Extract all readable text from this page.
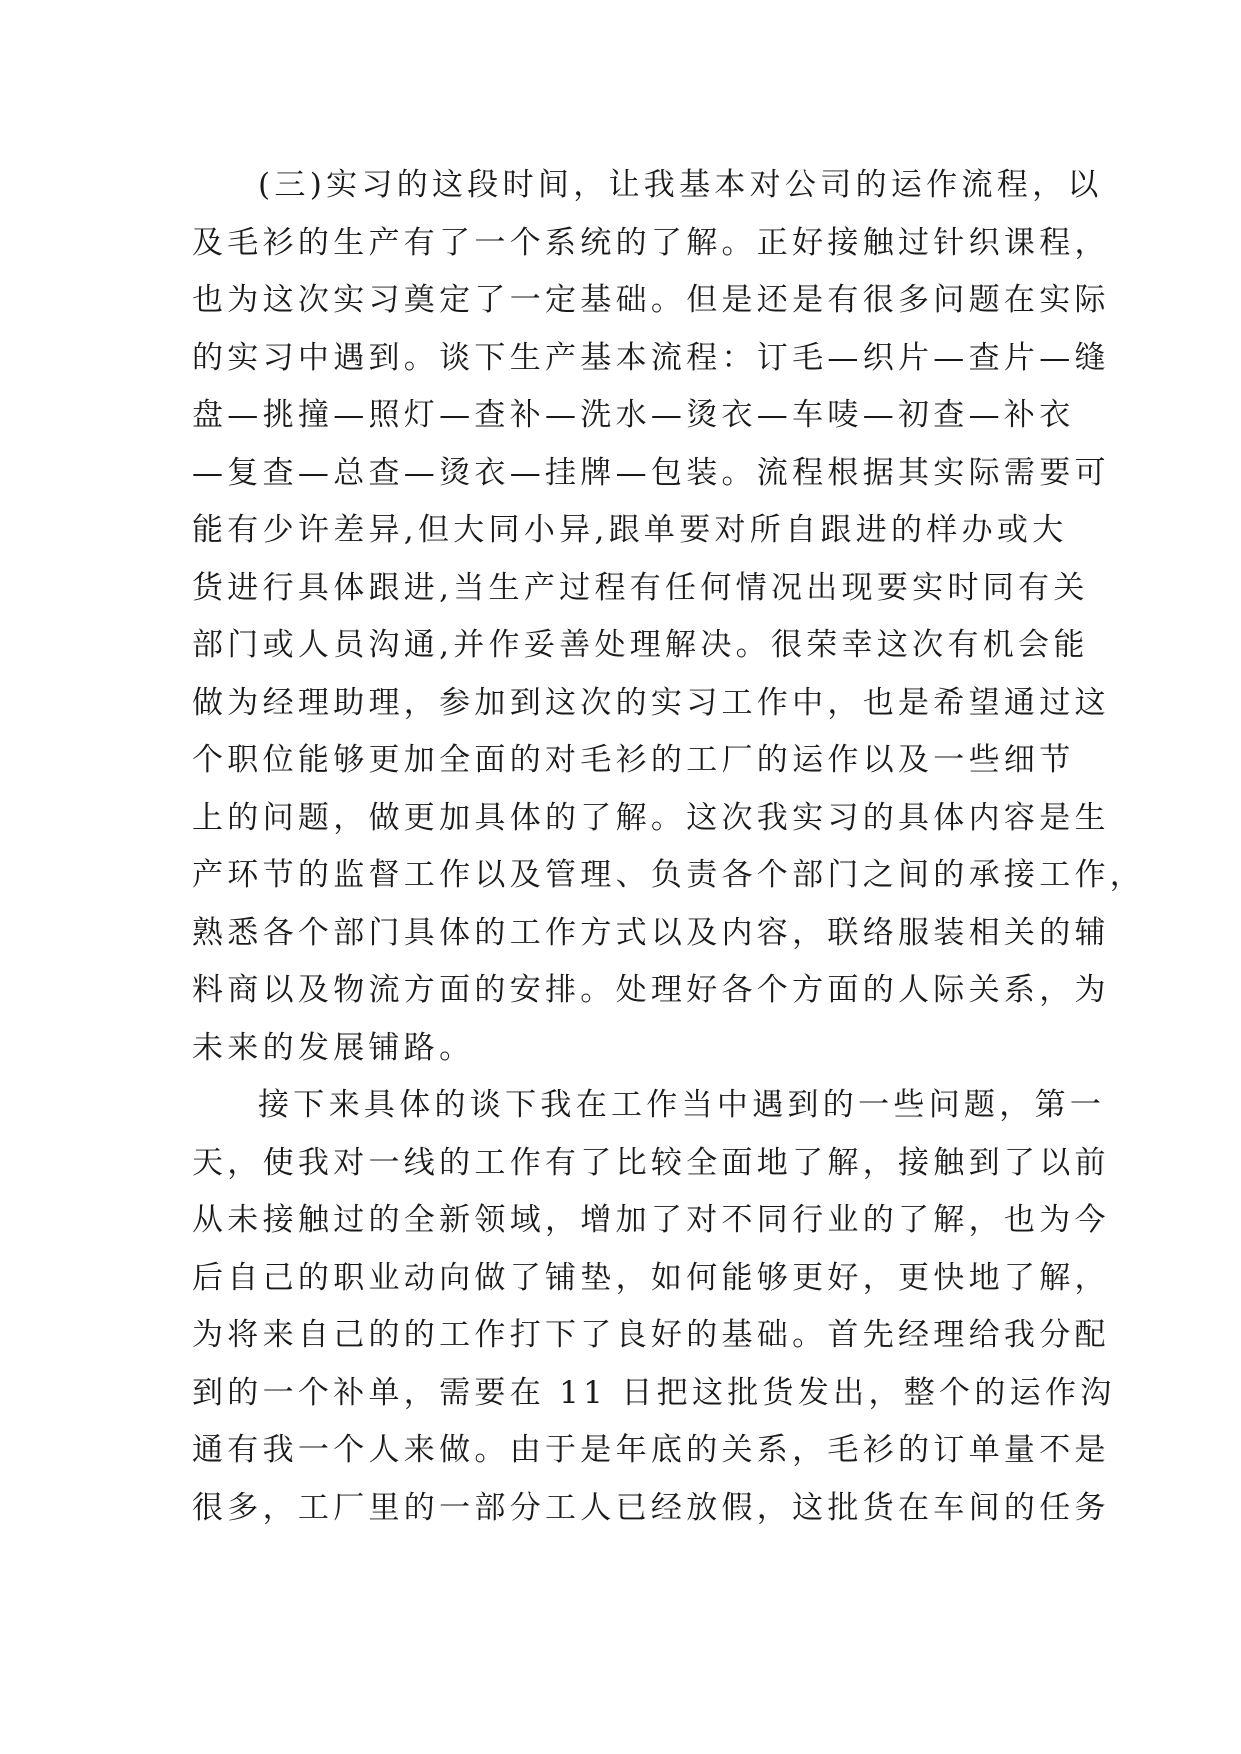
(三)实习的这段时间，让我基本对公司的运作流程，以
及毛衫的生产有了一个系统的了解。正好接触过针织课程，
也为这次实习奠定了一定基础。但是还是有很多问题在实际
的实习中遇到。谈下生产基本流程：订毛—织片—查片—缝
盘—挑撞—照灯—查补—洗水—烫衣—车唛—初查—补衣
—复查—总查—烫衣—挂牌—包装。流程根据其实际需要可
能有少许差异,但大同小异,跟单要对所自跟进的样办或大
货进行具体跟进,当生产过程有任何情况出现要实时同有关
部门或人员沟通,并作妥善处理解决。很荣幸这次有机会能
做为经理助理，参加到这次的实习工作中，也是希望通过这
个职位能够更加全面的对毛衫的工厂的运作以及一些细节
上的问题，做更加具体的了解。这次我实习的具体内容是生
产环节的监督工作以及管理、负责各个部门之间的承接工作，
熟悉各个部门具体的工作方式以及内容，联络服装相关的辅
料商以及物流方面的安排。处理好各个方面的人际关系，为
未来的发展铺路。
接下来具体的谈下我在工作当中遇到的一些问题，第一
天，使我对一线的工作有了比较全面地了解，接触到了以前
从未接触过的全新领域，增加了对不同行业的了解，也为今
后自己的职业动向做了铺垫，如何能够更好，更快地了解，
为将来自己的的工作打下了良好的基础。首先经理给我分配
到的一个补单，需要在 11 日把这批货发出，整个的运作沟
通有我一个人来做。由于是年底的关系，毛衫的订单量不是
很多，工厂里的一部分工人已经放假，这批货在车间的任务
